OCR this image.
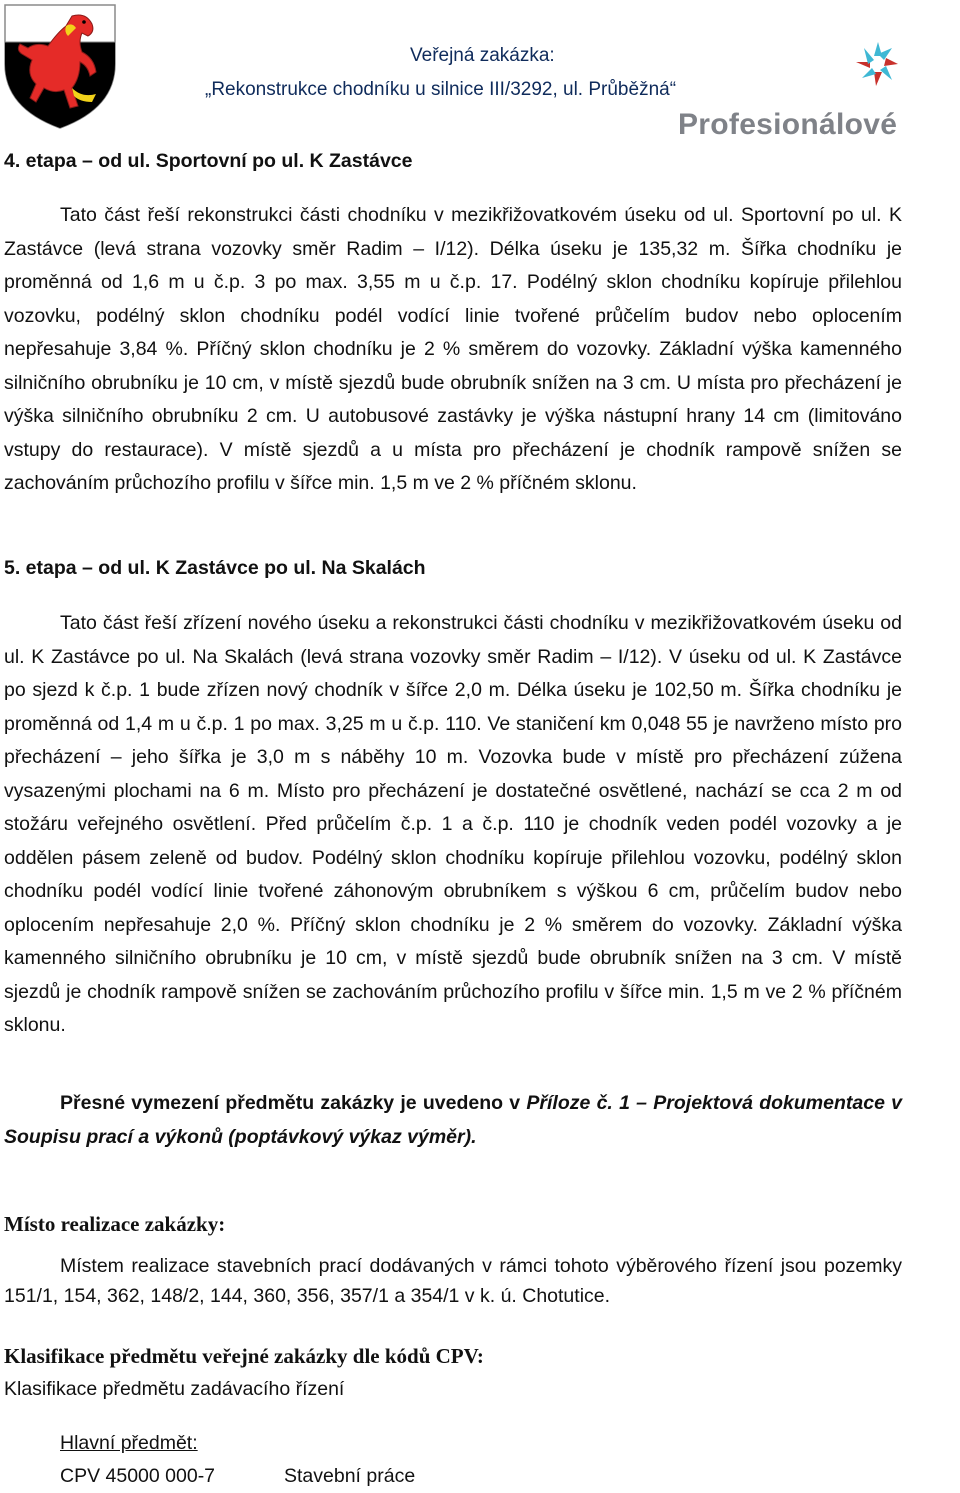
Veřejná zakázka:
„Rekonstrukce chodníku u silnice III/3292, ul. Průběžná“
Profesionálové
4. etapa – od ul. Sportovní po ul. K Zastávce

Tato část řeší rekonstrukci části chodníku v mezikřižovatkovém úseku od ul. Sportovní po ul. K Zastávce (levá strana vozovky směr Radim – I/12). Délka úseku je 135,32 m. Šířka chodníku je proměnná od 1,6 m u č.p. 3 po max. 3,55 m u č.p. 17. Podélný sklon chodníku kopíruje přilehlou vozovku, podélný sklon chodníku podél vodící linie tvořené průčelím budov nebo oplocením nepřesahuje 3,84 %. Příčný sklon chodníku je 2 % směrem do vozovky. Základní výška kamenného silničního obrubníku je 10 cm, v místě sjezdů bude obrubník snížen na 3 cm. U místa pro přecházení je výška silničního obrubníku 2 cm. U autobusové zastávky je výška nástupní hrany 14 cm (limitováno vstupy do restaurace). V místě sjezdů a u místa pro přecházení je chodník rampově snížen se zachováním průchozího profilu v šířce min. 1,5 m ve 2 % příčném sklonu.

5. etapa – od ul. K Zastávce po ul. Na Skalách

Tato část řeší zřízení nového úseku a rekonstrukci části chodníku v mezikřižovatkovém úseku od ul. K Zastávce po ul. Na Skalách (levá strana vozovky směr Radim – I/12). V úseku od ul. K Zastávce po sjezd k č.p. 1 bude zřízen nový chodník v šířce 2,0 m. Délka úseku je 102,50 m. Šířka chodníku je proměnná od 1,4 m u č.p. 1 po max. 3,25 m u č.p. 110. Ve staničení km 0,048 55 je navrženo místo pro přecházení – jeho šířka je 3,0 m s náběhy 10 m. Vozovka bude v místě pro přecházení zúžena vysazenými plochami na 6 m. Místo pro přecházení je dostatečné osvětlené, nachází se cca 2 m od stožáru veřejného osvětlení. Před průčelím č.p. 1 a č.p. 110 je chodník veden podél vozovky a je oddělen pásem zeleně od budov. Podélný sklon chodníku kopíruje přilehlou vozovku, podélný sklon chodníku podél vodící linie tvořené záhonovým obrubníkem s výškou 6 cm, průčelím budov nebo oplocením nepřesahuje 2,0 %. Příčný sklon chodníku je 2 % směrem do vozovky. Základní výška kamenného silničního obrubníku je 10 cm, v místě sjezdů bude obrubník snížen na 3 cm. V místě sjezdů je chodník rampově snížen se zachováním průchozího profilu v šířce min. 1,5 m ve 2 % příčném sklonu.

Přesné vymezení předmětu zakázky je uvedeno v Příloze č. 1 – Projektová dokumentace v Soupisu prací a výkonů (poptávkový výkaz výměr).

Místo realizace zakázky:

Místem realizace stavebních prací dodávaných v rámci tohoto výběrového řízení jsou pozemky 151/1, 154, 362, 148/2, 144, 360, 356, 357/1 a 354/1 v k. ú. Chotutice.

Klasifikace předmětu veřejné zakázky dle kódů CPV:
Klasifikace předmětu zadávacího řízení
Hlavní předmět:
CPV 45000 000-7	Stavební práce
